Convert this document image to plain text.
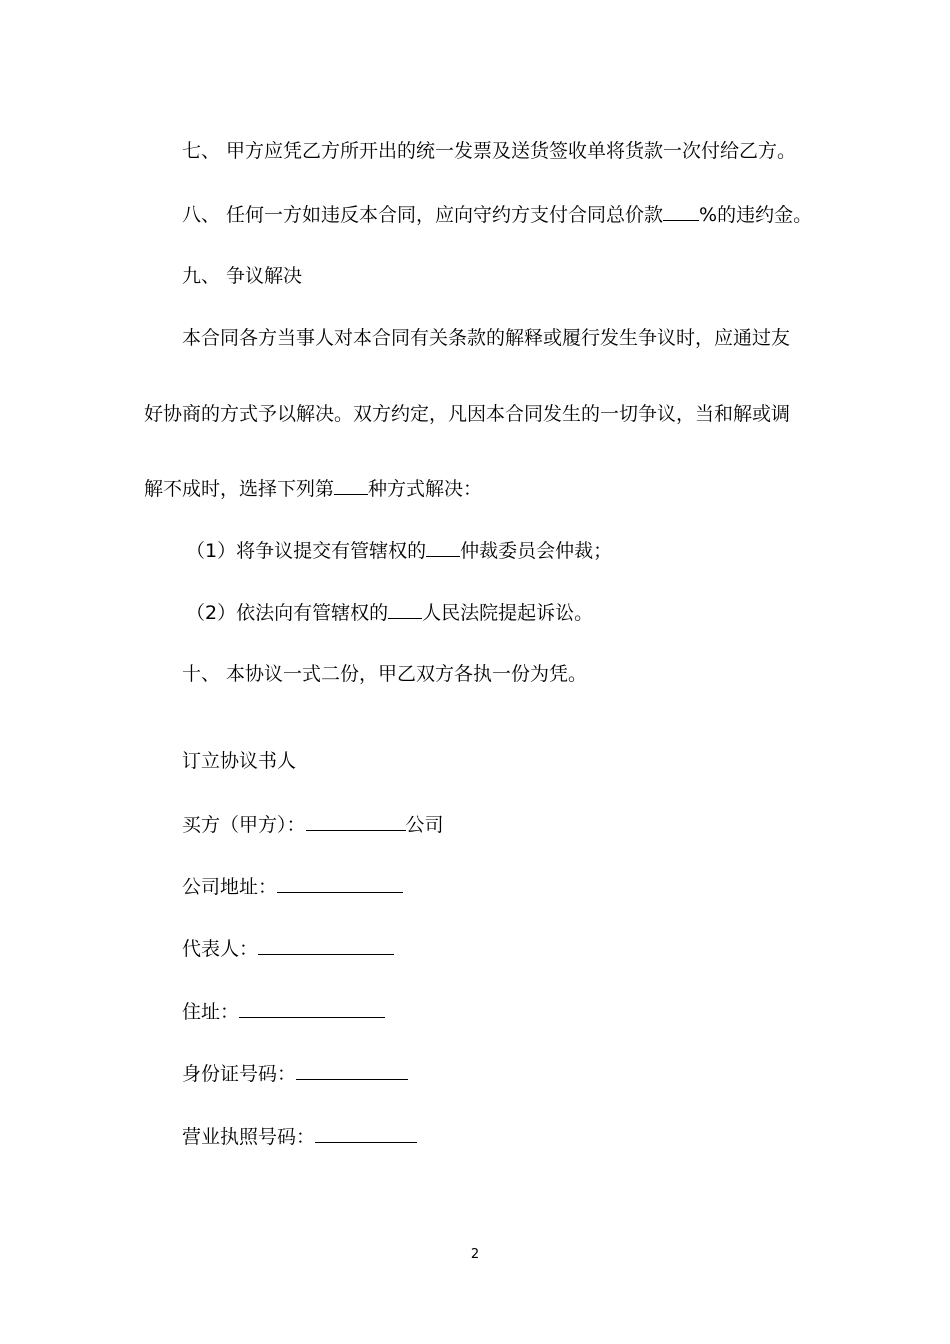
七、 甲方应凭乙方所开出的统一发票及送货签收单将货款一次付给乙方。
八、 任何一方如违反本合同，应向守约方支付合同总价款 %的违约金。
九、 争议解决
本合同各方当事人对本合同有关条款的解释或履行发生争议时，应通过友
好协商的方式予以解决。双方约定，凡因本合同发生的一切争议，当和解或调
解不成时，选择下列第 种方式解决：
（1）将争议提交有管辖权的 仲裁委员会仲裁；
（2）依法向有管辖权的 人民法院提起诉讼。
十、 本协议一式二份，甲乙双方各执一份为凭。
订立协议书人
买方（甲方）：	公司
公司地址：
代表人：
住址：
身份证号码：
营业执照号码：
2
